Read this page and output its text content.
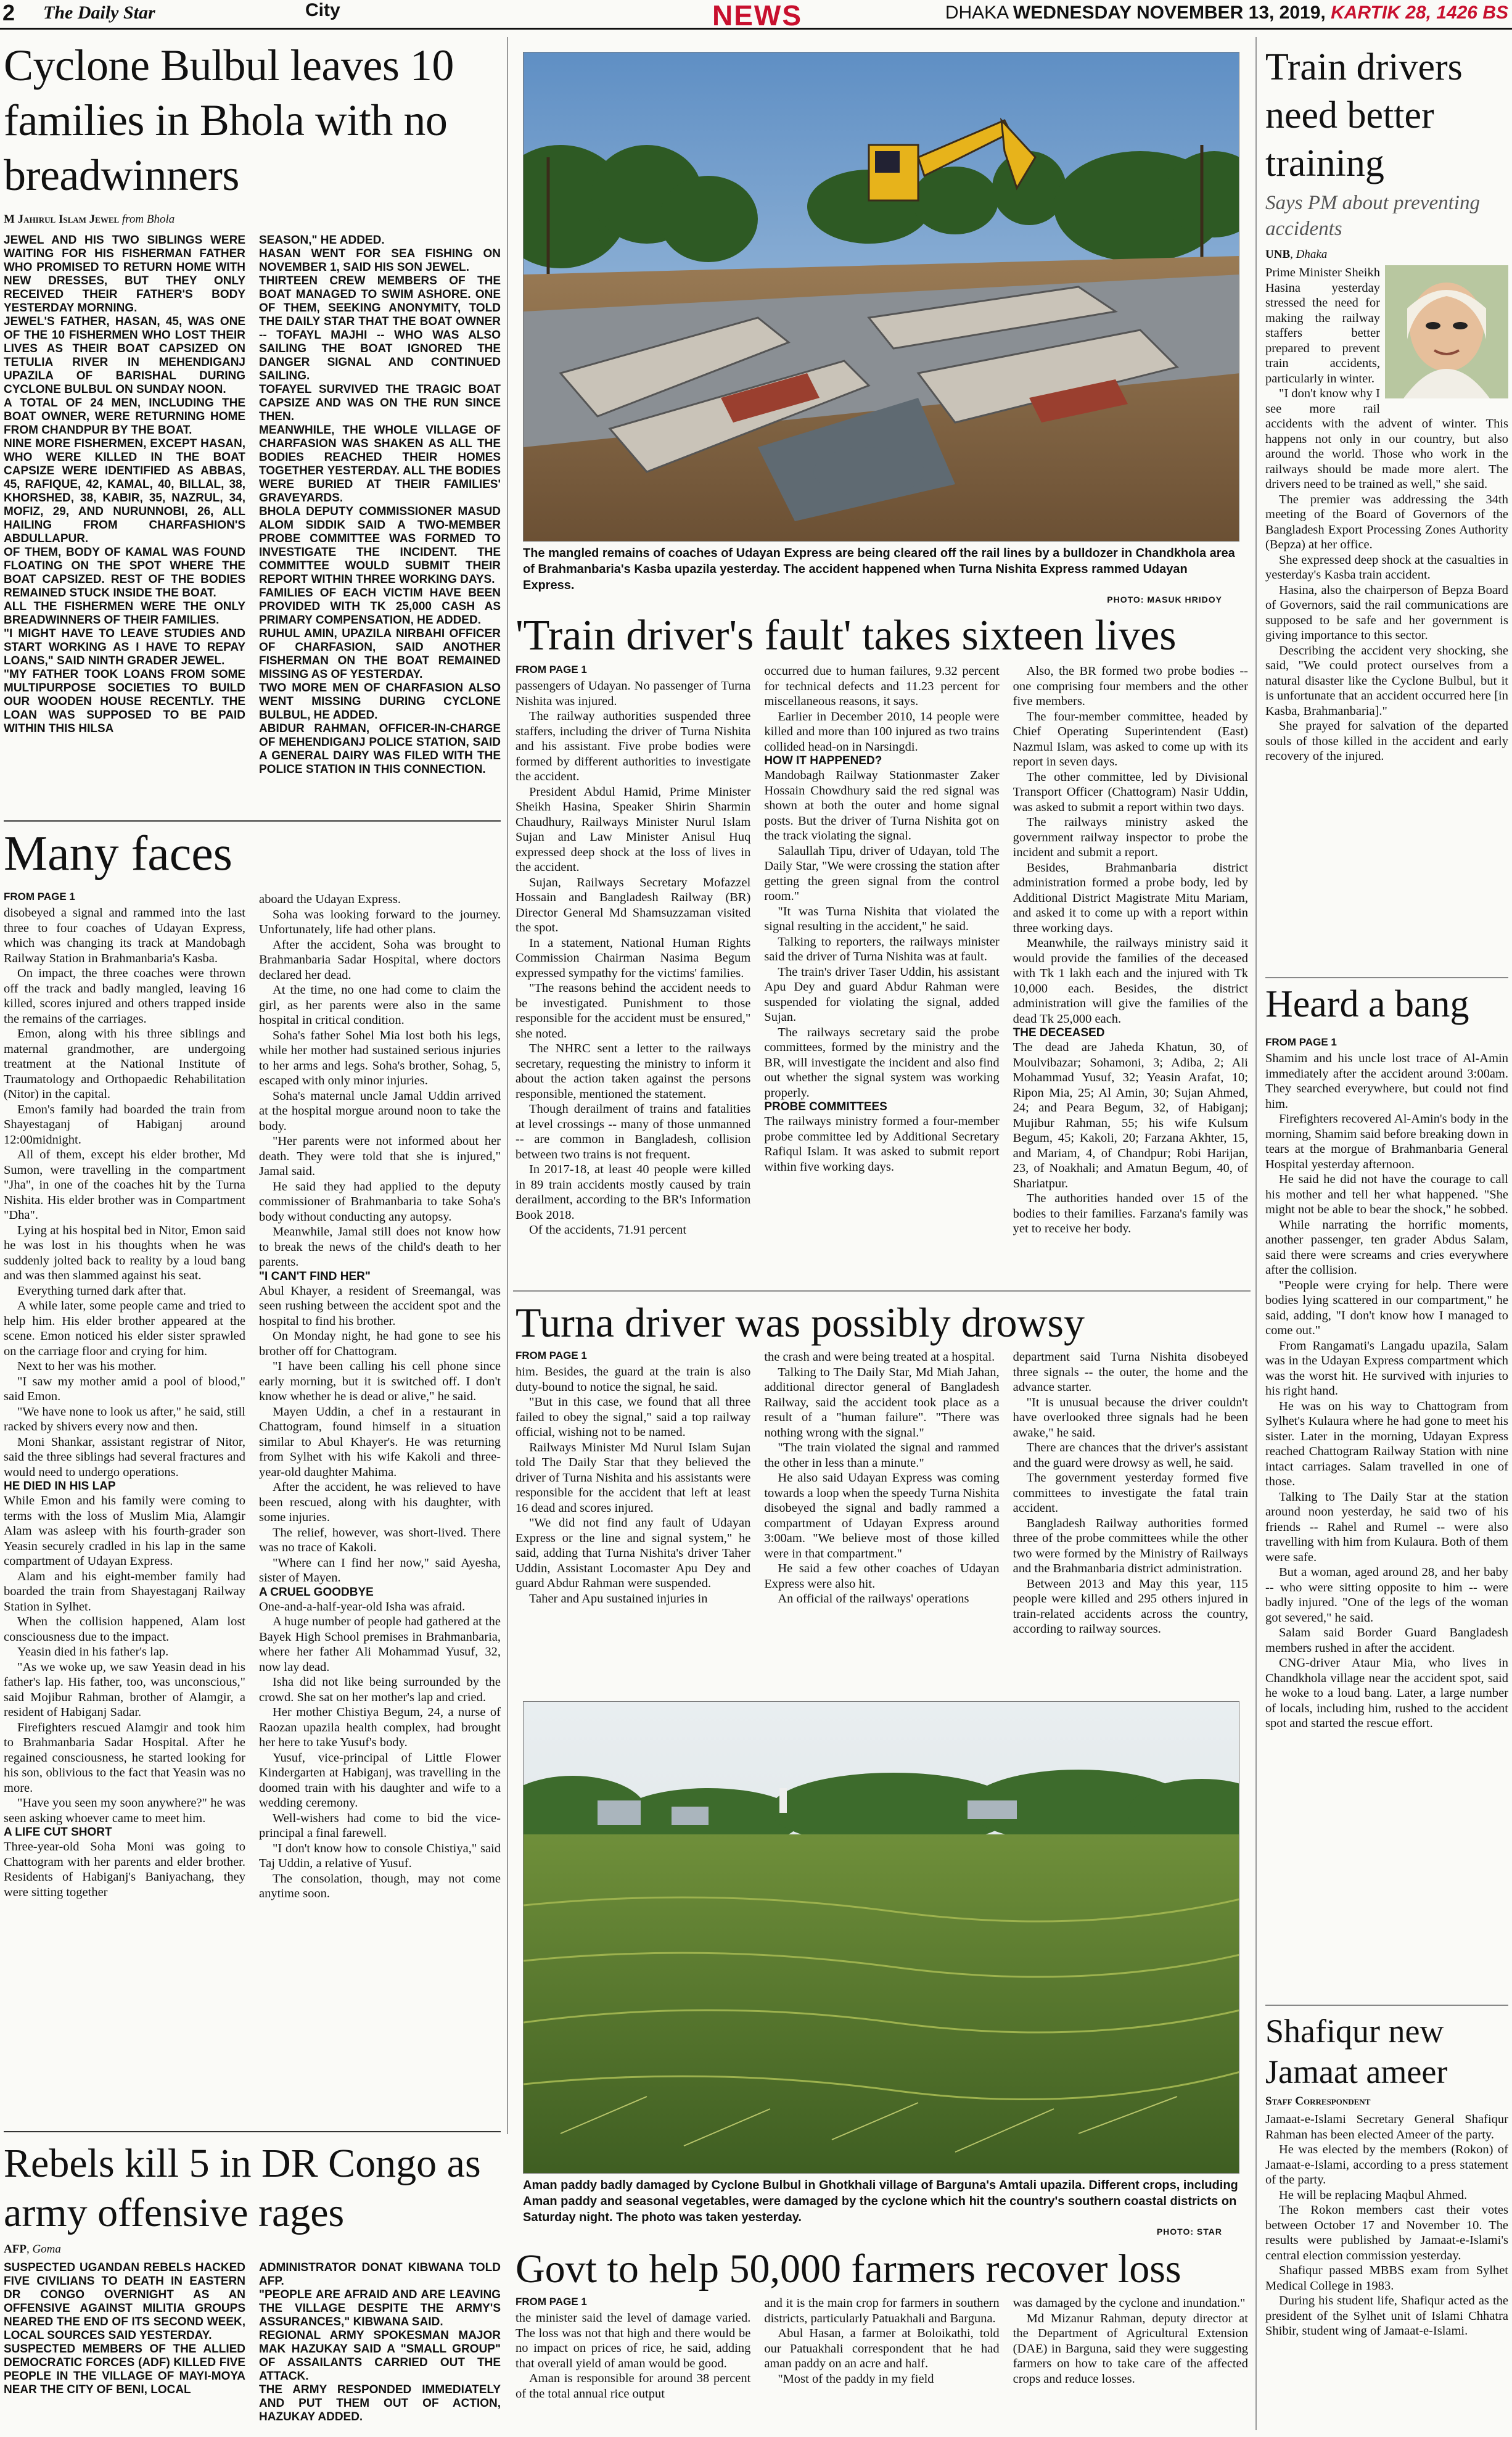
2 The Daily Star	City	NEWS	DHAKA WEDNESDAY NOVEMBER 13, 2019, KARTIK 28, 1426 BS
Cyclone Bulbul leaves 10 families in Bhola with no breadwinners
M Jahirul Islam Jewel from Bhola

JEWEL AND HIS TWO SIBLINGS WERE WAITING FOR HIS FISHERMAN FATHER WHO PROMISED TO RETURN HOME WITH NEW DRESSES, BUT THEY ONLY RECEIVED THEIR FATHER'S BODY YESTERDAY MORNING.

JEWEL'S FATHER, HASAN, 45, WAS ONE OF THE 10 FISHERMEN WHO LOST THEIR LIVES AS THEIR BOAT CAPSIZED ON TETULIA RIVER IN MEHENDIGANJ UPAZILA OF BARISHAL DURING CYCLONE BULBUL ON SUNDAY NOON.

A TOTAL OF 24 MEN, INCLUDING THE BOAT OWNER, WERE RETURNING HOME FROM CHANDPUR BY THE BOAT.

NINE MORE FISHERMEN, EXCEPT HASAN, WHO WERE KILLED IN THE BOAT CAPSIZE WERE IDENTIFIED AS ABBAS, 45, RAFIQUE, 42, KAMAL, 40, BILLAL, 38, KHORSHED, 38, KABIR, 35, NAZRUL, 34, MOFIZ, 29, AND NURUNNOBI, 26, ALL HAILING FROM CHARFASHION'S ABDULLAPUR.

OF THEM, BODY OF KAMAL WAS FOUND FLOATING ON THE SPOT WHERE THE BOAT CAPSIZED. REST OF THE BODIES REMAINED STUCK INSIDE THE BOAT.

ALL THE FISHERMEN WERE THE ONLY BREADWINNERS OF THEIR FAMILIES.

"I MIGHT HAVE TO LEAVE STUDIES AND START WORKING AS I HAVE TO REPAY LOANS," SAID NINTH GRADER JEWEL.

"MY FATHER TOOK LOANS FROM SOME MULTIPURPOSE SOCIETIES TO BUILD OUR WOODEN HOUSE RECENTLY. THE LOAN WAS SUPPOSED TO BE PAID WITHIN THIS HILSA

SEASON," HE ADDED.

HASAN WENT FOR SEA FISHING ON NOVEMBER 1, SAID HIS SON JEWEL.

THIRTEEN CREW MEMBERS OF THE BOAT MANAGED TO SWIM ASHORE. ONE OF THEM, SEEKING ANONYMITY, TOLD THE DAILY STAR THAT THE BOAT OWNER -- TOFAYL MAJHI -- WHO WAS ALSO SAILING THE BOAT IGNORED THE DANGER SIGNAL AND CONTINUED SAILING.

TOFAYEL SURVIVED THE TRAGIC BOAT CAPSIZE AND WAS ON THE RUN SINCE THEN.

MEANWHILE, THE WHOLE VILLAGE OF CHARFASION WAS SHAKEN AS ALL THE BODIES REACHED THEIR HOMES TOGETHER YESTERDAY. ALL THE BODIES WERE BURIED AT THEIR FAMILIES' GRAVEYARDS.

BHOLA DEPUTY COMMISSIONER MASUD ALOM SIDDIK SAID A TWO-MEMBER PROBE COMMITTEE WAS FORMED TO INVESTIGATE THE INCIDENT. THE COMMITTEE WOULD SUBMIT THEIR REPORT WITHIN THREE WORKING DAYS.

FAMILIES OF EACH VICTIM HAVE BEEN PROVIDED WITH TK 25,000 CASH AS PRIMARY COMPENSATION, HE ADDED.

RUHUL AMIN, UPAZILA NIRBAHI OFFICER OF CHARFASION, SAID ANOTHER FISHERMAN ON THE BOAT REMAINED MISSING AS OF YESTERDAY.

TWO MORE MEN OF CHARFASION ALSO WENT MISSING DURING CYCLONE BULBUL, HE ADDED.

ABIDUR RAHMAN, OFFICER-IN-CHARGE OF MEHENDIGANJ POLICE STATION, SAID A GENERAL DAIRY WAS FILED WITH THE POLICE STATION IN THIS CONNECTION.

Many faces
FROM PAGE 1

disobeyed a signal and rammed into the last three to four coaches of Udayan Express, which was changing its track at Mandobagh Railway Station in Brahmanbaria's Kasba.

On impact, the three coaches were thrown off the track and badly mangled, leaving 16 killed, scores injured and others trapped inside the remains of the carriages.

Emon, along with his three siblings and maternal grandmother, are undergoing treatment at the National Institute of Traumatology and Orthopaedic Rehabilitation (Nitor) in the capital.

Emon's family had boarded the train from Shayestaganj of Habiganj around 12:00midnight.

All of them, except his elder brother, Md Sumon, were travelling in the compartment "Jha", in one of the coaches hit by the Turna Nishita. His elder brother was in Compartment "Dha".

Lying at his hospital bed in Nitor, Emon said he was lost in his thoughts when he was suddenly jolted back to reality by a loud bang and was then slammed against his seat.

Everything turned dark after that.

A while later, some people came and tried to help him. His elder brother appeared at the scene. Emon noticed his elder sister sprawled on the carriage floor and crying for him.

Next to her was his mother.

"I saw my mother amid a pool of blood," said Emon.

"We have none to look us after," he said, still racked by shivers every now and then.

Moni Shankar, assistant registrar of Nitor, said the three siblings had several fractures and would need to undergo operations.

HE DIED IN HIS LAP

While Emon and his family were coming to terms with the loss of Muslim Mia, Alamgir Alam was asleep with his fourth-grader son Yeasin securely cradled in his lap in the same compartment of Udayan Express.

Alam and his eight-member family had boarded the train from Shayestaganj Railway Station in Sylhet.

When the collision happened, Alam lost consciousness due to the impact.

Yeasin died in his father's lap.

"As we woke up, we saw Yeasin dead in his father's lap. His father, too, was unconscious," said Mojibur Rahman, brother of Alamgir, a resident of Habiganj Sadar.

Firefighters rescued Alamgir and took him to Brahmanbaria Sadar Hospital. After he regained consciousness, he started looking for his son, oblivious to the fact that Yeasin was no more.

"Have you seen my soon anywhere?" he was seen asking whoever came to meet him.

A LIFE CUT SHORT

Three-year-old Soha Moni was going to Chattogram with her parents and elder brother. Residents of Habiganj's Baniyachang, they were sitting together

aboard the Udayan Express.

Soha was looking forward to the journey. Unfortunately, life had other plans.

After the accident, Soha was brought to Brahmanbaria Sadar Hospital, where doctors declared her dead.

At the time, no one had come to claim the girl, as her parents were also in the same hospital in critical condition.

Soha's father Sohel Mia lost both his legs, while her mother had sustained serious injuries to her arms and legs. Soha's brother, Sohag, 5, escaped with only minor injuries.

Soha's maternal uncle Jamal Uddin arrived at the hospital morgue around noon to take the body.

"Her parents were not informed about her death. They were told that she is injured," Jamal said.

He said they had applied to the deputy commissioner of Brahmanbaria to take Soha's body without conducting any autopsy.

Meanwhile, Jamal still does not know how to break the news of the child's death to her parents.

"I CAN'T FIND HER"

Abul Khayer, a resident of Sreemangal, was seen rushing between the accident spot and the hospital to find his brother.

On Monday night, he had gone to see his brother off for Chattogram.

"I have been calling his cell phone since early morning, but it is switched off. I don't know whether he is dead or alive," he said.

Mayen Uddin, a chef in a restaurant in Chattogram, found himself in a situation similar to Abul Khayer's. He was returning from Sylhet with his wife Kakoli and three-year-old daughter Mahima.

After the accident, he was relieved to have been rescued, along with his daughter, with some injuries.

The relief, however, was short-lived. There was no trace of Kakoli.

"Where can I find her now," said Ayesha, sister of Mayen.

A CRUEL GOODBYE

One-and-a-half-year-old Isha was afraid.

A huge number of people had gathered at the Bayek High School premises in Brahmanbaria, where her father Ali Mohammad Yusuf, 32, now lay dead.

Isha did not like being surrounded by the crowd. She sat on her mother's lap and cried.

Her mother Chistiya Begum, 24, a nurse of Raozan upazila health complex, had brought her here to take Yusuf's body.

Yusuf, vice-principal of Little Flower Kindergarten at Habiganj, was travelling in the doomed train with his daughter and wife to a wedding ceremony.

Well-wishers had come to bid the vice-principal a final farewell.

"I don't know how to console Chistiya," said Taj Uddin, a relative of Yusuf.

The consolation, though, may not come anytime soon.

Rebels kill 5 in DR Congo as army offensive rages
AFP, Goma

SUSPECTED UGANDAN REBELS HACKED FIVE CIVILIANS TO DEATH IN EASTERN DR CONGO OVERNIGHT AS AN OFFENSIVE AGAINST MILITIA GROUPS NEARED THE END OF ITS SECOND WEEK, LOCAL SOURCES SAID YESTERDAY.

SUSPECTED MEMBERS OF THE ALLIED DEMOCRATIC FORCES (ADF) KILLED FIVE PEOPLE IN THE VILLAGE OF MAYI-MOYA NEAR THE CITY OF BENI, LOCAL

ADMINISTRATOR DONAT KIBWANA TOLD AFP.

"PEOPLE ARE AFRAID AND ARE LEAVING THE VILLAGE DESPITE THE ARMY'S ASSURANCES," KIBWANA SAID.

REGIONAL ARMY SPOKESMAN MAJOR MAK HAZUKAY SAID A "SMALL GROUP" OF ASSAILANTS CARRIED OUT THE ATTACK.

THE ARMY RESPONDED IMMEDIATELY AND PUT THEM OUT OF ACTION, HAZUKAY ADDED.

The mangled remains of coaches of Udayan Express are being cleared off the rail lines by a bulldozer in Chandkhola area of Brahmanbaria's Kasba upazila yesterday. The accident happened when Turna Nishita Express rammed Udayan Express.
PHOTO: MASUK HRIDOY
'Train driver's fault' takes sixteen lives
FROM PAGE 1

passengers of Udayan. No passenger of Turna Nishita was injured.

The railway authorities suspended three staffers, including the driver of Turna Nishita and his assistant. Five probe bodies were formed by different authorities to investigate the accident.

President Abdul Hamid, Prime Minister Sheikh Hasina, Speaker Shirin Sharmin Chaudhury, Railways Minister Nurul Islam Sujan and Law Minister Anisul Huq expressed deep shock at the loss of lives in the accident.

Sujan, Railways Secretary Mofazzel Hossain and Bangladesh Railway (BR) Director General Md Shamsuzzaman visited the spot.

In a statement, National Human Rights Commission Chairman Nasima Begum expressed sympathy for the victims' families.

"The reasons behind the accident needs to be investigated. Punishment to those responsible for the accident must be ensured," she noted.

The NHRC sent a letter to the railways secretary, requesting the ministry to inform it about the action taken against the persons responsible, mentioned the statement.

Though derailment of trains and fatalities at level crossings -- many of those unmanned -- are common in Bangladesh, collision between two trains is not frequent.

In 2017-18, at least 40 people were killed in 89 train accidents mostly caused by train derailment, according to the BR's Information Book 2018.

Of the accidents, 71.91 percent

occurred due to human failures, 9.32 percent for technical defects and 11.23 percent for miscellaneous reasons, it says.

Earlier in December 2010, 14 people were killed and more than 100 injured as two trains collided head-on in Narsingdi.

HOW IT HAPPENED?

Mandobagh Railway Stationmaster Zaker Hossain Chowdhury said the red signal was shown at both the outer and home signal posts. But the driver of Turna Nishita got on the track violating the signal.

Salaullah Tipu, driver of Udayan, told The Daily Star, "We were crossing the station after getting the green signal from the control room."

"It was Turna Nishita that violated the signal resulting in the accident," he said.

Talking to reporters, the railways minister said the driver of Turna Nishita was at fault.

The train's driver Taser Uddin, his assistant Apu Dey and guard Abdur Rahman were suspended for violating the signal, added Sujan.

The railways secretary said the probe committees, formed by the ministry and the BR, will investigate the incident and also find out whether the signal system was working properly.

PROBE COMMITTEES

The railways ministry formed a four-member probe committee led by Additional Secretary Rafiqul Islam. It was asked to submit report within five working days.

Also, the BR formed two probe bodies -- one comprising four members and the other five members.

The four-member committee, headed by Chief Operating Superintendent (East) Nazmul Islam, was asked to come up with its report in seven days.

The other committee, led by Divisional Transport Officer (Chattogram) Nasir Uddin, was asked to submit a report within two days.

The railways ministry asked the government railway inspector to probe the incident and submit a report.

Besides, Brahmanbaria district administration formed a probe body, led by Additional District Magistrate Mitu Mariam, and asked it to come up with a report within three working days.

Meanwhile, the railways ministry said it would provide the families of the deceased with Tk 1 lakh each and the injured with Tk 10,000 each. Besides, the district administration will give the families of the dead Tk 25,000 each.

THE DECEASED

The dead are Jaheda Khatun, 30, of Moulvibazar; Sohamoni, 3; Adiba, 2; Ali Mohammad Yusuf, 32; Yeasin Arafat, 10; Ripon Mia, 25; Al Amin, 30; Sujan Ahmed, 24; and Peara Begum, 32, of Habiganj; Mujibur Rahman, 55; his wife Kulsum Begum, 45; Kakoli, 20; Farzana Akhter, 15, and Mariam, 4, of Chandpur; Robi Harijan, 23, of Noakhali; and Amatun Begum, 40, of Shariatpur.

The authorities handed over 15 of the bodies to their families. Farzana's family was yet to receive her body.

Turna driver was possibly drowsy
FROM PAGE 1

him. Besides, the guard at the train is also duty-bound to notice the signal, he said.

"But in this case, we found that all three failed to obey the signal," said a top railway official, wishing not to be named.

Railways Minister Md Nurul Islam Sujan told The Daily Star that they believed the driver of Turna Nishita and his assistants were responsible for the accident that left at least 16 dead and scores injured.

"We did not find any fault of Udayan Express or the line and signal system," he said, adding that Turna Nishita's driver Taher Uddin, Assistant Locomaster Apu Dey and guard Abdur Rahman were suspended.

Taher and Apu sustained injuries in

the crash and were being treated at a hospital.

Talking to The Daily Star, Md Miah Jahan, additional director general of Bangladesh Railway, said the accident took place as a result of a "human failure". "There was nothing wrong with the signal."

"The train violated the signal and rammed the other in less than a minute."

He also said Udayan Express was coming towards a loop when the speedy Turna Nishita disobeyed the signal and badly rammed a compartment of Udayan Express around 3:00am. "We believe most of those killed were in that compartment."

He said a few other coaches of Udayan Express were also hit.

An official of the railways' operations

department said Turna Nishita disobeyed three signals -- the outer, the home and the advance starter.

"It is unusual because the driver couldn't have overlooked three signals had he been awake," he said.

There are chances that the driver's assistant and the guard were drowsy as well, he said.

The government yesterday formed five committees to investigate the fatal train accident.

Bangladesh Railway authorities formed three of the probe committees while the other two were formed by the Ministry of Railways and the Brahmanbaria district administration.

Between 2013 and May this year, 115 people were killed and 295 others injured in train-related accidents across the country, according to railway sources.

Aman paddy badly damaged by Cyclone Bulbul in Ghotkhali village of Barguna's Amtali upazila. Different crops, including Aman paddy and seasonal vegetables, were damaged by the cyclone which hit the country's southern coastal districts on Saturday night. The photo was taken yesterday.
PHOTO: STAR
Govt to help 50,000 farmers recover loss
FROM PAGE 1

the minister said the level of damage varied. The loss was not that high and there would be no impact on prices of rice, he said, adding that overall yield of aman would be good.

Aman is responsible for around 38 percent of the total annual rice output

and it is the main crop for farmers in southern districts, particularly Patuakhali and Barguna.

Abul Hasan, a farmer at Boloikathi, told our Patuakhali correspondent that he had aman paddy on an acre and half.

"Most of the paddy in my field

was damaged by the cyclone and inundation."

Md Mizanur Rahman, deputy director at the Department of Agricultural Extension (DAE) in Barguna, said they were suggesting farmers on how to take care of the affected crops and reduce losses.

Train drivers need better training
Says PM about preventing accidents
UNB, Dhaka

Prime Minister Sheikh Hasina yesterday stressed the need for making the railway staffers better prepared to prevent train accidents, particularly in winter.

"I don't know why I see more rail accidents with the advent of winter. This happens not only in our country, but also around the world. Those who work in the railways should be made more alert. The drivers need to be trained as well," she said.

The premier was addressing the 34th meeting of the Board of Governors of the Bangladesh Export Processing Zones Authority (Bepza) at her office.

She expressed deep shock at the casualties in yesterday's Kasba train accident.

Hasina, also the chairperson of Bepza Board of Governors, said the rail communications are supposed to be safe and her government is giving importance to this sector.

Describing the accident very shocking, she said, "We could protect ourselves from a natural disaster like the Cyclone Bulbul, but it is unfortunate that an accident occurred here [in Kasba, Brahmanbaria]."

She prayed for salvation of the departed souls of those killed in the accident and early recovery of the injured.

Heard a bang
FROM PAGE 1

Shamim and his uncle lost trace of Al-Amin immediately after the accident around 3:00am. They searched everywhere, but could not find him.

Firefighters recovered Al-Amin's body in the morning, Shamim said before breaking down in tears at the morgue of Brahmanbaria General Hospital yesterday afternoon.

He said he did not have the courage to call his mother and tell her what happened. "She might not be able to bear the shock," he sobbed.

While narrating the horrific moments, another passenger, ten grader Abdus Salam, said there were screams and cries everywhere after the collision.

"People were crying for help. There were bodies lying scattered in our compartment," he said, adding, "I don't know how I managed to come out."

From Rangamati's Langadu upazila, Salam was in the Udayan Express compartment which was the worst hit. He survived with injuries to his right hand.

He was on his way to Chattogram from Sylhet's Kulaura where he had gone to meet his sister. Later in the morning, Udayan Express reached Chattogram Railway Station with nine intact carriages. Salam travelled in one of those.

Talking to The Daily Star at the station around noon yesterday, he said two of his friends -- Rahel and Rumel -- were also travelling with him from Kulaura. Both of them were safe.

But a woman, aged around 28, and her baby -- who were sitting opposite to him -- were badly injured. "One of the legs of the woman got severed," he said.

Salam said Border Guard Bangladesh members rushed in after the accident.

CNG-driver Ataur Mia, who lives in Chandkhola village near the accident spot, said he woke to a loud bang. Later, a large number of locals, including him, rushed to the accident spot and started the rescue effort.

Shafiqur new Jamaat ameer
Staff Correspondent

Jamaat-e-Islami Secretary General Shafiqur Rahman has been elected Ameer of the party.

He was elected by the members (Rokon) of Jamaat-e-Islami, according to a press statement of the party.

He will be replacing Maqbul Ahmed.

The Rokon members cast their votes between October 17 and November 10. The results were published by Jamaat-e-Islami's central election commission yesterday.

Shafiqur passed MBBS exam from Sylhet Medical College in 1983.

During his student life, Shafiqur acted as the president of the Sylhet unit of Islami Chhatra Shibir, student wing of Jamaat-e-Islami.
